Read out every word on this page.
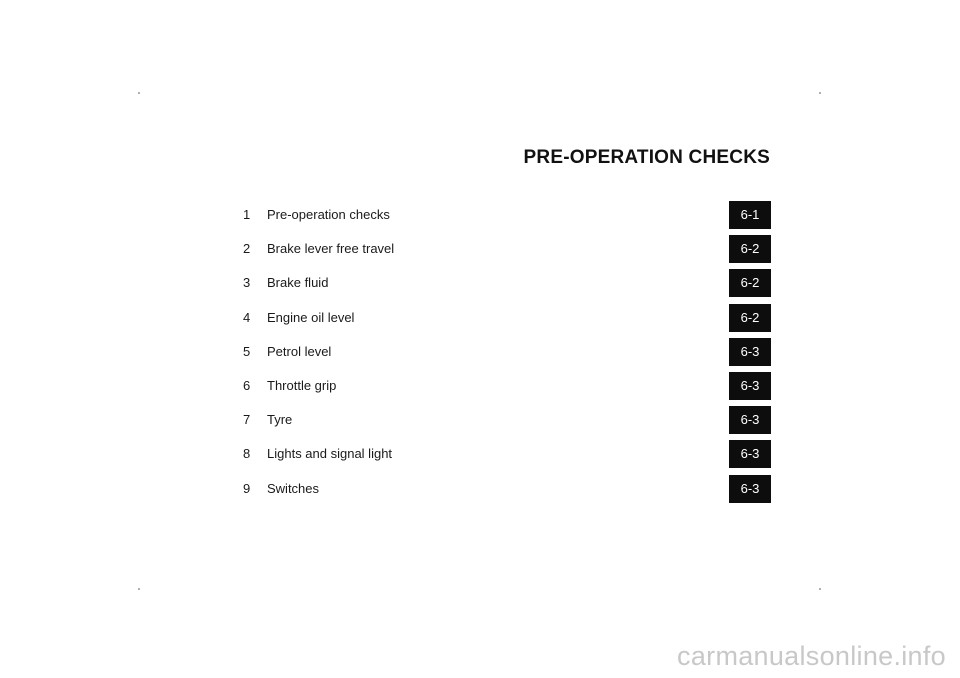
PRE-OPERATION CHECKS
1 Pre-operation checks	6-1
2 Brake lever free travel	6-2
3 Brake fluid	6-2
4 Engine oil level	6-2
5 Petrol level	6-3
6 Throttle grip	6-3
7 Tyre	6-3
8 Lights and signal light	6-3
9 Switches	6-3
carmanualsonline.info
